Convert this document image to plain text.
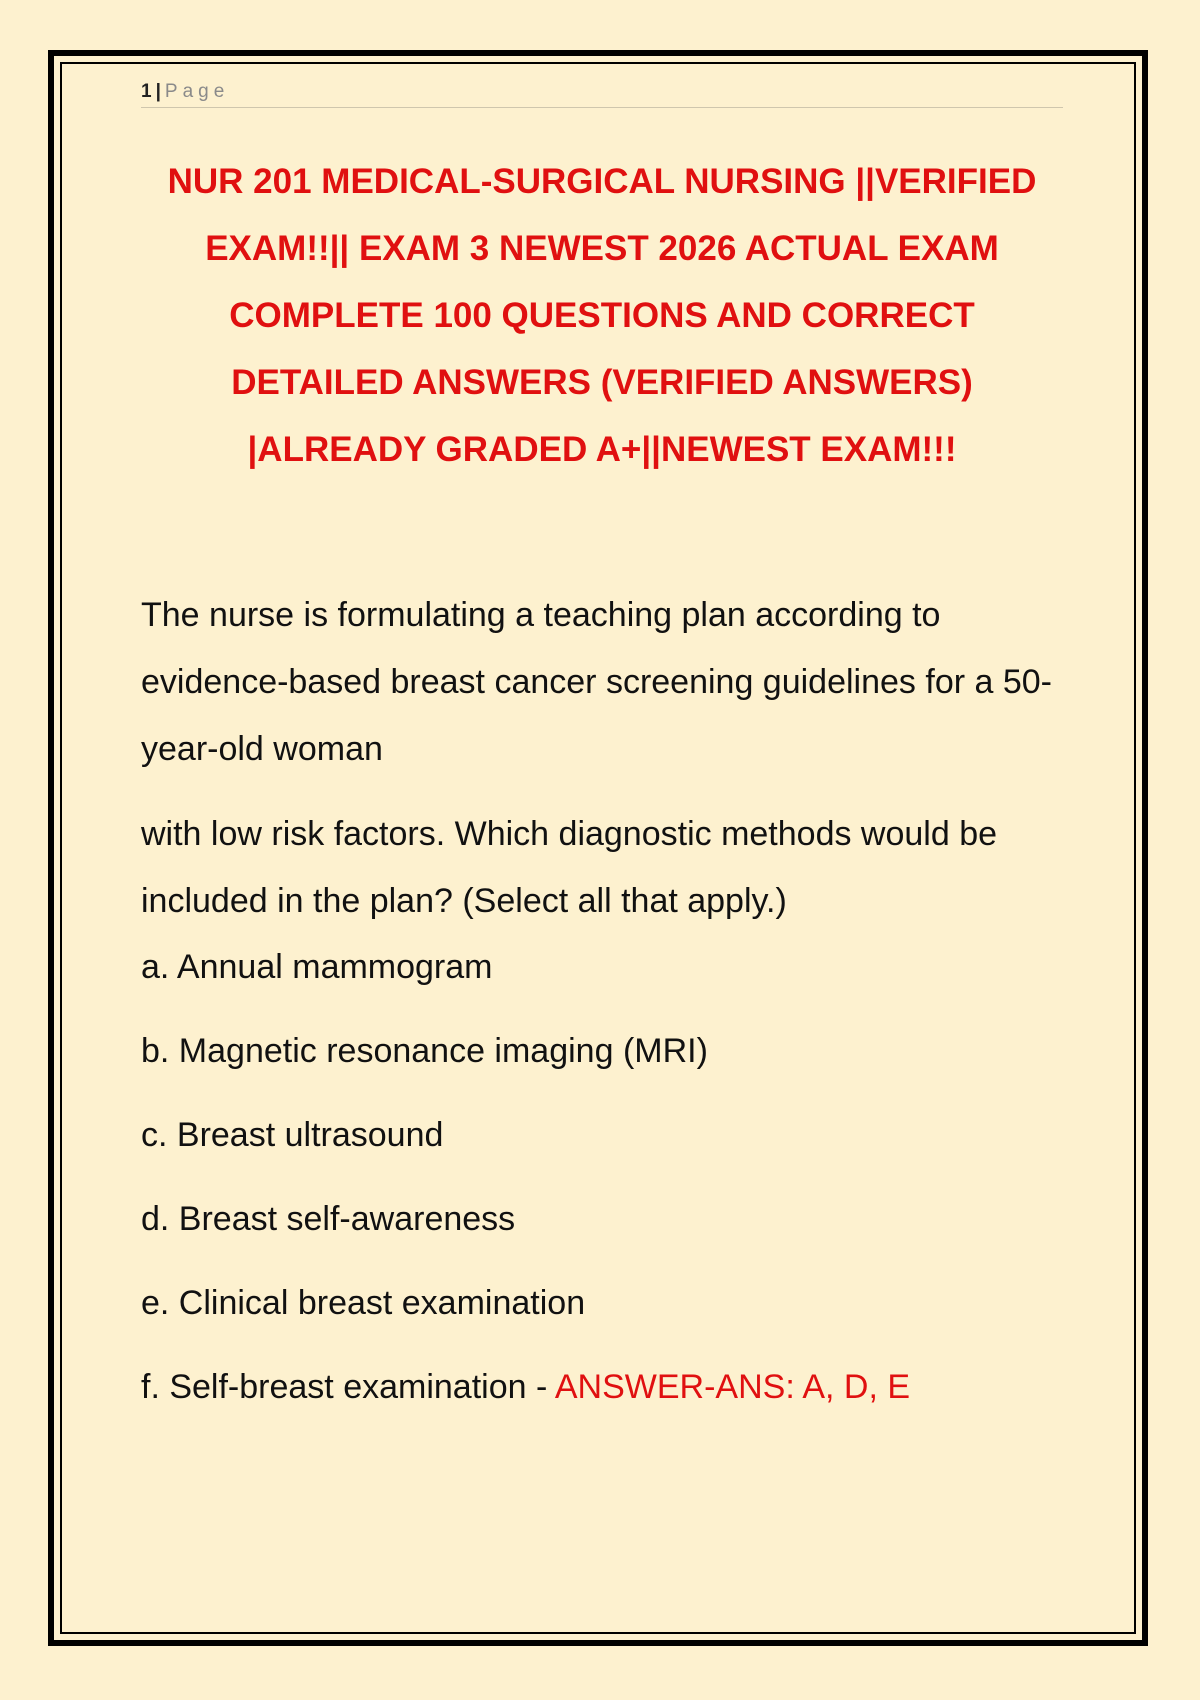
1 | Page
NUR 201 MEDICAL-SURGICAL NURSING ||VERIFIED EXAM!!|| EXAM 3 NEWEST 2026 ACTUAL EXAM COMPLETE 100 QUESTIONS AND CORRECT DETAILED ANSWERS (VERIFIED ANSWERS) |ALREADY GRADED A+||NEWEST EXAM!!!

The nurse is formulating a teaching plan according to evidence-based breast cancer screening guidelines for a 50-year-old woman

with low risk factors. Which diagnostic methods would be included in the plan? (Select all that apply.)

a. Annual mammogram

b. Magnetic resonance imaging (MRI)

c. Breast ultrasound

d. Breast self-awareness

e. Clinical breast examination

f. Self-breast examination - ANSWER-ANS: A, D, E
